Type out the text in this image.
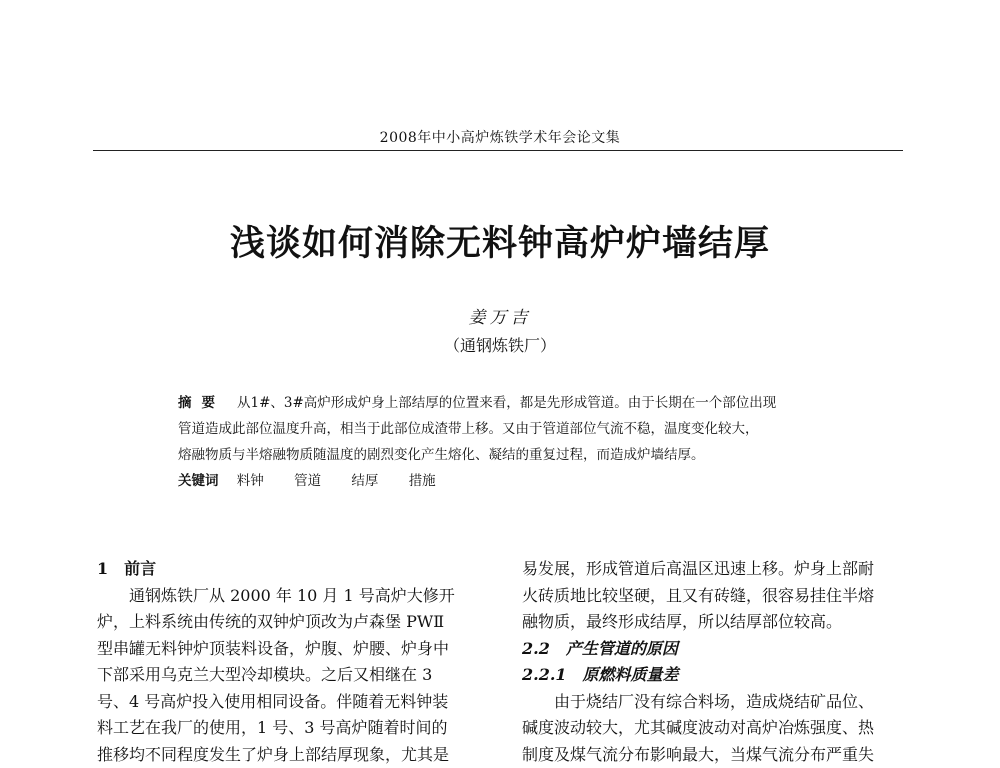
2008年中小高炉炼铁学术年会论文集
浅谈如何消除无料钟高炉炉墙结厚
姜万吉
（通钢炼铁厂）
摘要 从1#、3#高炉形成炉身上部结厚的位置来看，都是先形成管道。由于长期在一个部位出现
管道造成此部位温度升高，相当于此部位成渣带上移。又由于管道部位气流不稳，温度变化较大，
熔融物质与半熔融物质随温度的剧烈变化产生熔化、凝结的重复过程，而造成炉墙结厚。
关键词 料钟 管道 结厚 措施
1　前言
通钢炼铁厂从 2000 年 10 月 1 号高炉大修开
炉，上料系统由传统的双钟炉顶改为卢森堡 PWⅡ
型串罐无料钟炉顶装料设备，炉腹、炉腰、炉身中
下部采用乌克兰大型冷却模块。之后又相继在 3
号、4 号高炉投入使用相同设备。伴随着无料钟装
料工艺在我厂的使用，1 号、3 号高炉随着时间的
推移均不同程度发生了炉身上部结厚现象，尤其是
易发展，形成管道后高温区迅速上移。炉身上部耐
火砖质地比较坚硬，且又有砖缝，很容易挂住半熔
融物质，最终形成结厚，所以结厚部位较高。
2.2　产生管道的原因
2.2.1　原燃料质量差
由于烧结厂没有综合料场，造成烧结矿品位、
碱度波动较大，尤其碱度波动对高炉冶炼强度、热
制度及煤气流分布影响最大，当煤气流分布严重失
